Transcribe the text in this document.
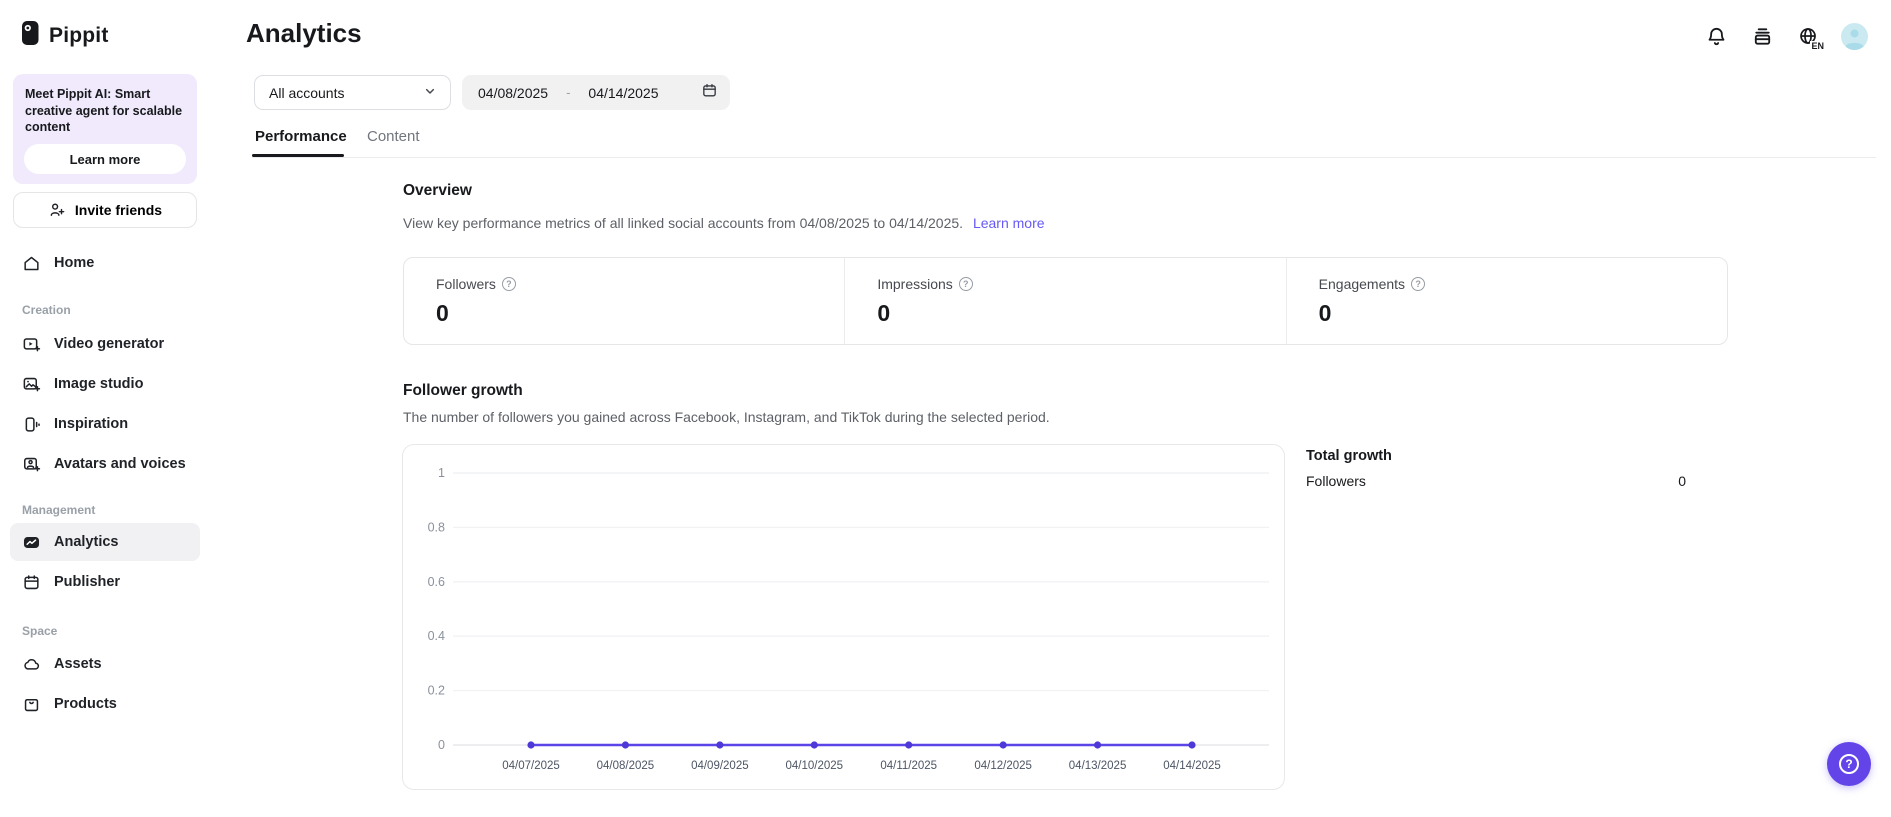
Pippit
Meet Pippit AI: Smart creative agent for scalable content
Learn more
Invite friends
Home
Creation
Video generator
Image studio
Inspiration
Avatars and voices
Management
Analytics
Publisher
Space
Assets
Products
Analytics	EN
All accounts	04/08/2025 - 04/14/2025
Performance Content
Overview
View key performance metrics of all linked social accounts from 04/08/2025 to 04/14/2025. Learn more
Followers	?
0
Impressions	?
0
Engagements	?
0
Follower growth
The number of followers you gained across Facebook, Instagram, and TikTok during the selected period.
1
0.8
0.6
0.4
0.2
0
04/07/2025	04/08/2025	04/09/2025	04/10/2025	04/11/2025	04/12/2025	04/13/2025	04/14/2025
Total growth
Followers	0
?
